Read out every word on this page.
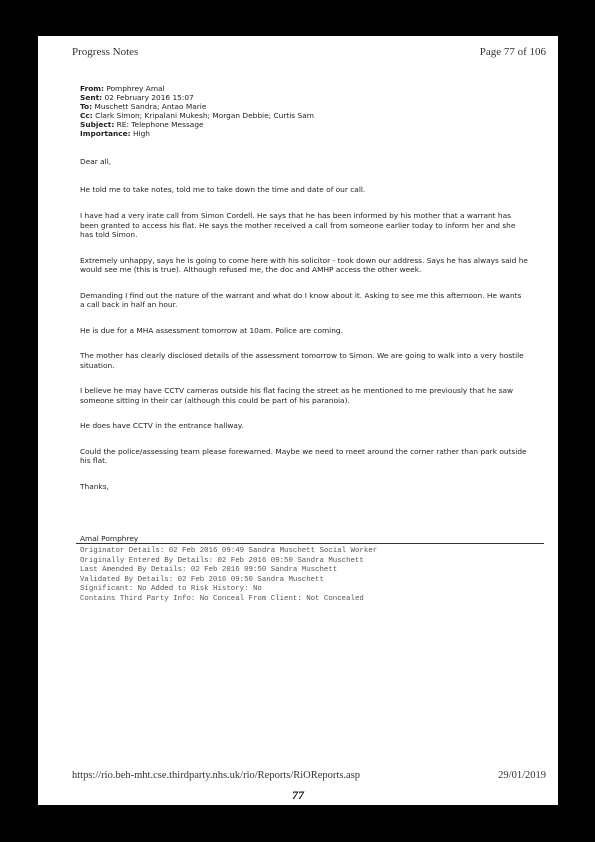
Progress Notes	Page 77 of 106
From: Pomphrey Amal
Sent: 02 February 2016 15:07
To: Muschett Sandra; Antao Marie
Cc: Clark Simon; Kripalani Mukesh; Morgan Debbie; Curtis Sam
Subject: RE: Telephone Message
Importance: High

Dear all,

He told me to take notes, told me to take down the time and date of our call.

I have had a very irate call from Simon Cordell. He says that he has been informed by his mother that a warrant has been granted to access his flat. He says the mother received a call from someone earlier today to inform her and she has told Simon.

Extremely unhappy, says he is going to come here with his solicitor - took down our address. Says he has always said he would see me (this is true). Although refused me, the doc and AMHP access the other week.

Demanding I find out the nature of the warrant and what do I know about it. Asking to see me this afternoon. He wants a call back in half an hour.

He is due for a MHA assessment tomorrow at 10am. Police are coming.

The mother has clearly disclosed details of the assessment tomorrow to Simon. We are going to walk into a very hostile situation.

I believe he may have CCTV cameras outside his flat facing the street as he mentioned to me previously that he saw someone sitting in their car (although this could be part of his paranoia).

He does have CCTV in the entrance hallway.

Could the police/assessing team please forewarned. Maybe we need to meet around the corner rather than park outside his flat.

Thanks,

Amal Pomphrey
Originator Details: 02 Feb 2016 09:49 Sandra Muschett Social Worker
Originally Entered By Details: 02 Feb 2016 09:50 Sandra Muschett
Last Amended By Details: 02 Feb 2016 09:50 Sandra Muschett
Validated By Details: 02 Feb 2016 09:50 Sandra Muschett
Significant: No Added to Risk History: No
Contains Third Party Info: No Conceal From Client: Not Concealed
https://rio.beh-mht.cse.thirdparty.nhs.uk/rio/Reports/RiOReports.asp	29/01/2019
77
